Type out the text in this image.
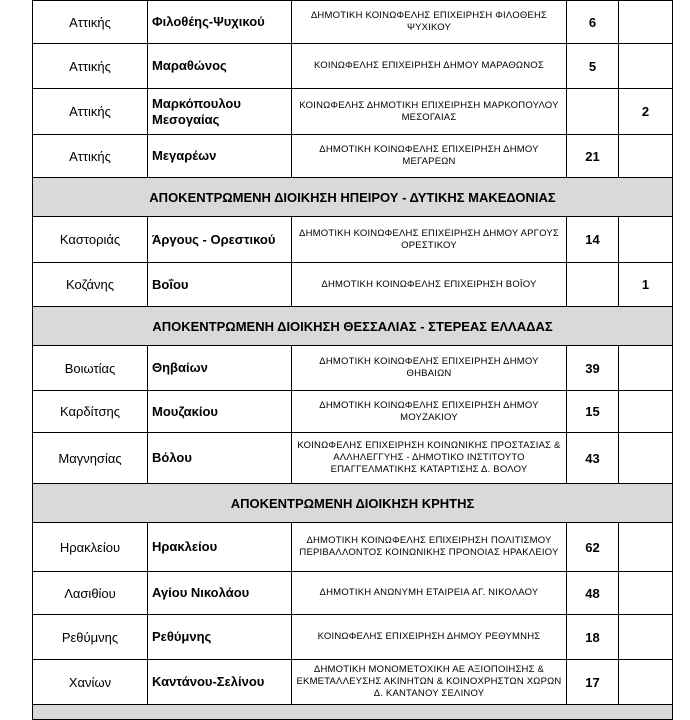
Αττικής	Φιλοθέης-Ψυχικού	ΔΗΜΟΤΙΚΗ ΚΟΙΝΩΦΕΛΗΣ ΕΠΙΧΕΙΡΗΣΗ ΦΙΛΟΘΕΗΣ ΨΥΧΙΚΟΥ	6	
Αττικής	Μαραθώνος	ΚΟΙΝΩΦΕΛΗΣ ΕΠΙΧΕΙΡΗΣΗ ΔΗΜΟΥ ΜΑΡΑΘΩΝΟΣ	5	
Αττικής	Μαρκόπουλου Μεσογαίας	ΚΟΙΝΩΦΕΛΗΣ ΔΗΜΟΤΙΚΗ ΕΠΙΧΕΙΡΗΣΗ ΜΑΡΚΟΠΟΥΛΟΥ ΜΕΣΟΓΑΙΑΣ		2
Αττικής	Μεγαρέων	ΔΗΜΟΤΙΚΗ ΚΟΙΝΩΦΕΛΗΣ ΕΠΙΧΕΙΡΗΣΗ ΔΗΜΟΥ ΜΕΓΑΡΕΩΝ	21	
ΑΠΟΚΕΝΤΡΩΜΕΝΗ ΔΙΟΙΚΗΣΗ ΗΠΕΙΡΟΥ - ΔΥΤΙΚΗΣ ΜΑΚΕΔΟΝΙΑΣ				
Καστοριάς	Άργους - Ορεστικού	ΔΗΜΟΤΙΚΗ ΚΟΙΝΩΦΕΛΗΣ ΕΠΙΧΕΙΡΗΣΗ ΔΗΜΟΥ ΑΡΓΟΥΣ ΟΡΕΣΤΙΚΟΥ	14	
Κοζάνης	Βοΐου	ΔΗΜΟΤΙΚΗ ΚΟΙΝΩΦΕΛΗΣ ΕΠΙΧΕΙΡΗΣΗ ΒΟΪΟΥ		1
ΑΠΟΚΕΝΤΡΩΜΕΝΗ ΔΙΟΙΚΗΣΗ ΘΕΣΣΑΛΙΑΣ - ΣΤΕΡΕΑΣ ΕΛΛΑΔΑΣ				
Βοιωτίας	Θηβαίων	ΔΗΜΟΤΙΚΗ ΚΟΙΝΩΦΕΛΗΣ ΕΠΙΧΕΙΡΗΣΗ ΔΗΜΟΥ ΘΗΒΑΙΩΝ	39	
Καρδίτσης	Μουζακίου	ΔΗΜΟΤΙΚΗ ΚΟΙΝΩΦΕΛΗΣ ΕΠΙΧΕΙΡΗΣΗ ΔΗΜΟΥ ΜΟΥΖΑΚΙΟΥ	15	
Μαγνησίας	Βόλου	ΚΟΙΝΩΦΕΛΗΣ ΕΠΙΧΕΙΡΗΣΗ ΚΟΙΝΩΝΙΚΗΣ ΠΡΟΣΤΑΣΙΑΣ & ΑΛΛΗΛΕΓΓΥΗΣ - ΔΗΜΟΤΙΚΟ ΙΝΣΤΙΤΟΥΤΟ ΕΠΑΓΓΕΛΜΑΤΙΚΗΣ ΚΑΤΑΡΤΙΣΗΣ Δ. ΒΟΛΟΥ	43	
ΑΠΟΚΕΝΤΡΩΜΕΝΗ ΔΙΟΙΚΗΣΗ ΚΡΗΤΗΣ				
Ηρακλείου	Ηρακλείου	ΔΗΜΟΤΙΚΗ ΚΟΙΝΩΦΕΛΗΣ ΕΠΙΧΕΙΡΗΣΗ ΠΟΛΙΤΙΣΜΟΥ ΠΕΡΙΒΑΛΛΟΝΤΟΣ ΚΟΙΝΩΝΙΚΗΣ ΠΡΟΝΟΙΑΣ ΗΡΑΚΛΕΙΟΥ	62	
Λασιθίου	Αγίου Νικολάου	ΔΗΜΟΤΙΚΗ ΑΝΩΝΥΜΗ ΕΤΑΙΡΕΙΑ ΑΓ. ΝΙΚΟΛΑΟΥ	48	
Ρεθύμνης	Ρεθύμνης	ΚΟΙΝΩΦΕΛΗΣ ΕΠΙΧΕΙΡΗΣΗ ΔΗΜΟΥ ΡΕΘΥΜΝΗΣ	18	
Χανίων	Καντάνου-Σελίνου	ΔΗΜΟΤΙΚΗ ΜΟΝΟΜΕΤΟΧΙΚΗ ΑΕ ΑΞΙΟΠΟΙΗΣΗΣ & ΕΚΜΕΤΑΛΛΕΥΣΗΣ ΑΚΙΝΗΤΩΝ & ΚΟΙΝΟΧΡΗΣΤΩΝ ΧΩΡΩΝ Δ. ΚΑΝΤΑΝΟΥ ΣΕΛΙΝΟΥ	17	
